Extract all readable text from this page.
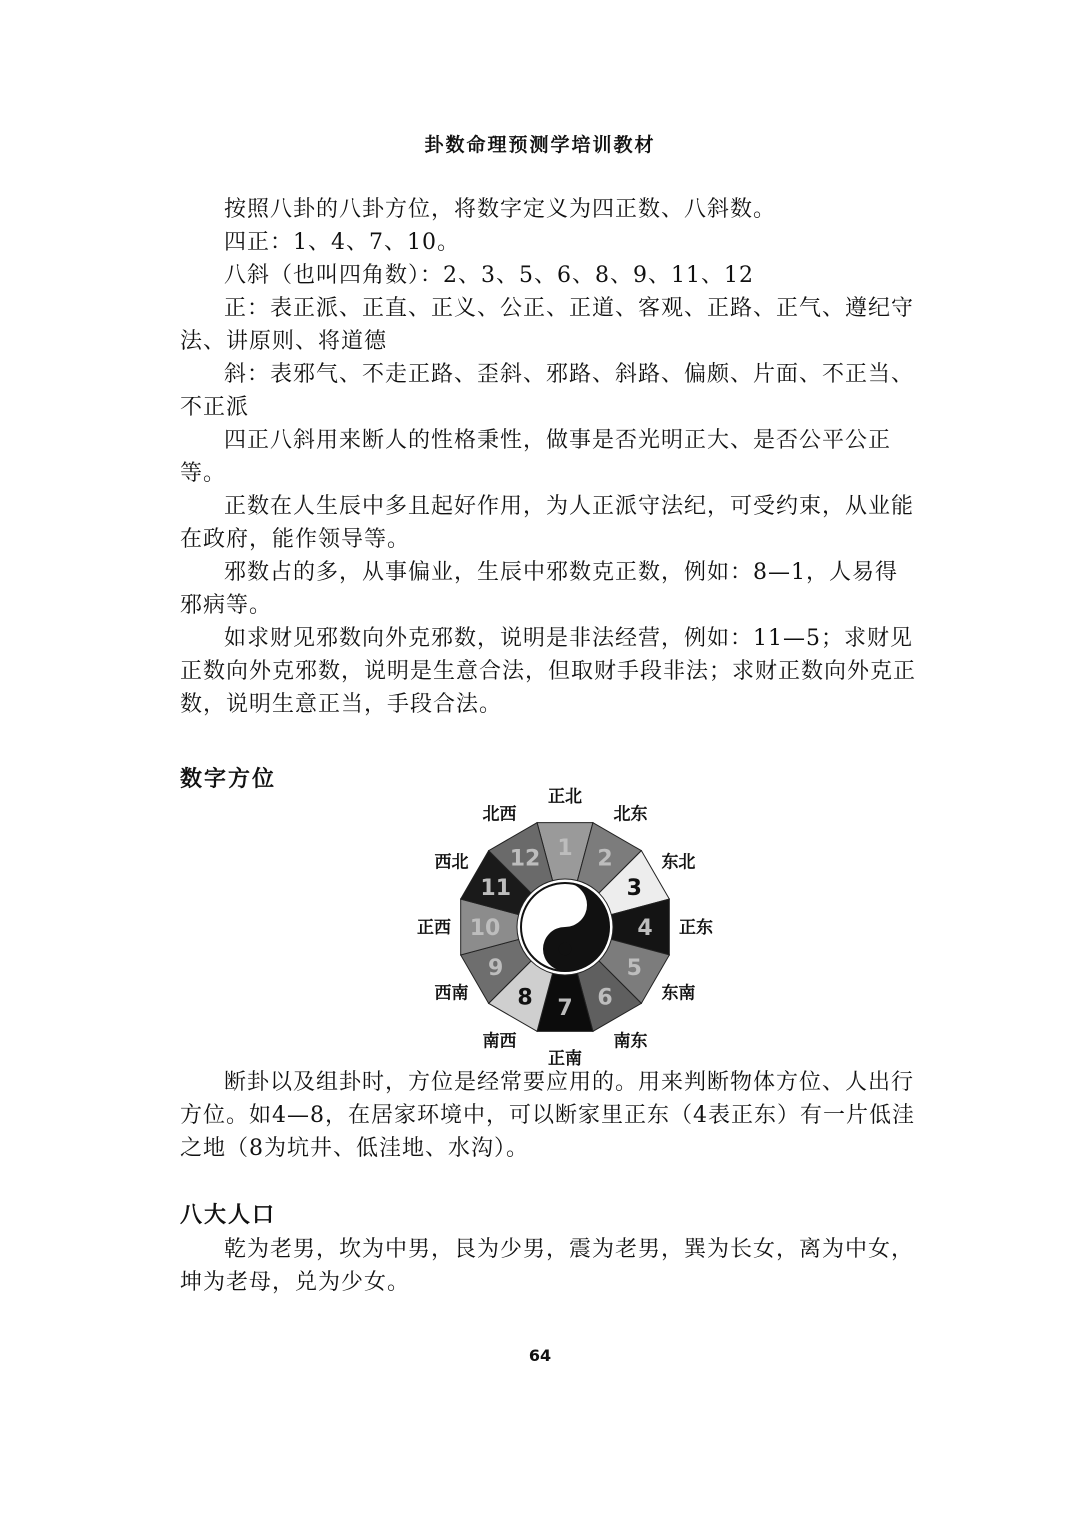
卦数命理预测学培训教材

按照八卦的八卦方位，将数字定义为四正数、八斜数。

四正：1、4、7、10。

八斜（也叫四角数）：2、3、5、6、8、9、11、12

正：表正派、正直、正义、公正、正道、客观、正路、正气、遵纪守法、讲原则、将道德

斜：表邪气、不走正路、歪斜、邪路、斜路、偏颇、片面、不正当、不正派

四正八斜用来断人的性格秉性，做事是否光明正大、是否公平公正等。

正数在人生辰中多且起好作用，为人正派守法纪，可受约束，从业能在政府，能作领导等。

邪数占的多，从事偏业，生辰中邪数克正数，例如：8—1，人易得邪病等。

如求财见邪数向外克邪数，说明是非法经营，例如：11—5；求财见正数向外克邪数，说明是生意合法，但取财手段非法；求财正数向外克正数，说明生意正当，手段合法。

数字方位
1
正北
2
北东
3
东北
4 正东
5
东南
6
南东
7
正南
8
南西
9
西南
10
正西
11
西北 12
北西

断卦以及组卦时，方位是经常要应用的。用来判断物体方位、人出行方位。如4—8，在居家环境中，可以断家里正东（4表正东）有一片低洼之地（8为坑井、低洼地、水沟）。

八大人口

乾为老男，坎为中男，艮为少男，震为老男，巽为长女，离为中女，坤为老母，兑为少女。

64
